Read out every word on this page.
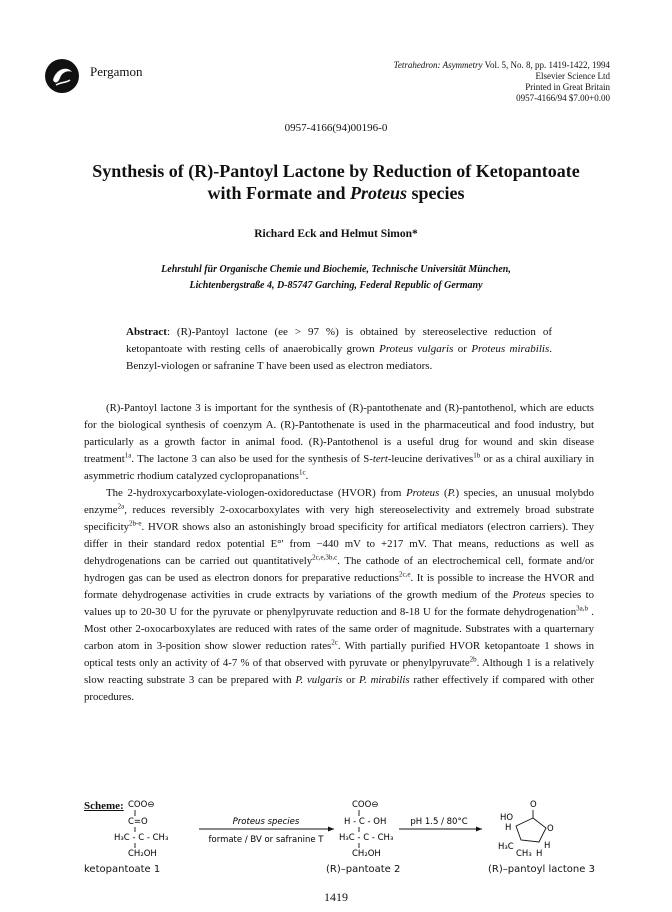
Pergamon	Tetrahedron: Asymmetry Vol. 5, No. 8, pp. 1419-1422, 1994
Elsevier Science Ltd
Printed in Great Britain
0957-4166/94 $7.00+0.00
0957-4166(94)00196-0
Synthesis of (R)-Pantoyl Lactone by Reduction of Ketopantoate
with Formate and Proteus species
Richard Eck and Helmut Simon*
Lehrstuhl für Organische Chemie und Biochemie, Technische Universität München,
Lichtenbergstraße 4, D-85747 Garching, Federal Republic of Germany
Abstract: (R)-Pantoyl lactone (ee > 97 %) is obtained by stereoselective reduction of ketopantoate with resting cells of anaerobically grown Proteus vulgaris or Proteus mirabilis. Benzyl-viologen or safranine T have been used as electron mediators.

(R)-Pantoyl lactone 3 is important for the synthesis of (R)-pantothenate and (R)-pantothenol, which are educts for the biological synthesis of coenzym A. (R)-Pantothenate is used in the pharmaceutical and food industry, but particularly as a growth factor in animal food. (R)-Pantothenol is a useful drug for wound and skin disease treatment$^{1a}$. The lactone 3 can also be used for the synthesis of S-tert-leucine derivatives$^{1b}$ or as a chiral auxiliary in asymmetric rhodium catalyzed cyclopropanations$^{1c}$.

The 2-hydroxycarboxylate-viologen-oxidoreductase (HVOR) from Proteus (P.) species, an unusual molybdo enzyme$^{2a}$, reduces reversibly 2-oxocarboxylates with very high stereoselectivity and extremely broad substrate specificity$^{2b-e}$. HVOR shows also an astonishingly broad specificity for artifical mediators (electron carriers). They differ in their standard redox potential E°' from −440 mV to +217 mV. That means, reductions as well as dehydrogenations can be carried out quantitatively$^{2c,e,3b,c}$. The cathode of an electrochemical cell, formate and/or hydrogen gas can be used as electron donors for preparative reductions$^{2c,e}$. It is possible to increase the HVOR and formate dehydrogenase activities in crude extracts by variations of the growth medium of the Proteus species to values up to 20-30 U for the pyruvate or phenylpyruvate reduction and 8-18 U for the formate dehydrogenation$^{3a,b}$ . Most other 2-oxocarboxylates are reduced with rates of the same order of magnitude. Substrates with a quarternary carbon atom in 3-position show slower reduction rates$^{2c}$. With partially purified HVOR ketopantoate 1 shows in optical tests only an activity of 4-7 % of that observed with pyruvate or phenylpyruvate$^{2b}$. Although 1 is a relatively slow reacting substrate 3 can be prepared with P. vulgaris or P. mirabilis rather effectively if compared with other procedures.

Scheme: COO⊖
C=O
H₃C - C - CH₃
CH₂OH
Proteus species
formate / BV or safranine T
COO⊖
H - C - OH
H₃C - C - CH₃
CH₂OH
pH 1.5 / 80°C
O
O
HO
H
H
H
H₃C
CH₃
ketopantoate 1	(R)–pantoate 2	(R)–pantoyl lactone 3
1419
